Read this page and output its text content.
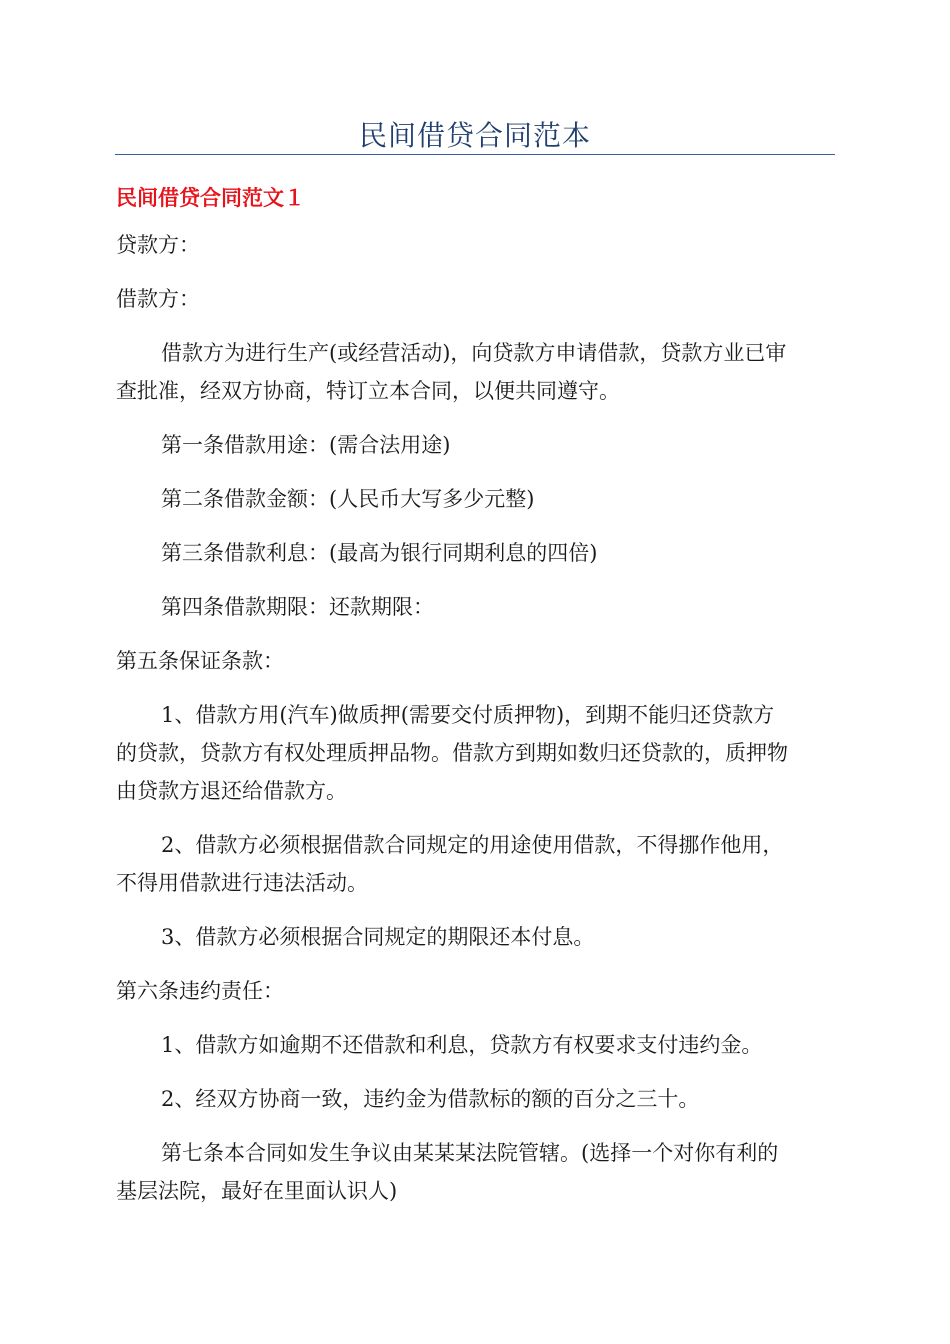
民间借贷合同范本
民间借贷合同范文１

贷款方：

借款方：

借款方为进行生产(或经营活动)，向贷款方申请借款，贷款方业已审

查批准，经双方协商，特订立本合同，以便共同遵守。

第一条借款用途：(需合法用途)

第二条借款金额：(人民币大写多少元整)

第三条借款利息：(最高为银行同期利息的四倍)

第四条借款期限：还款期限：

第五条保证条款：

1、借款方用(汽车)做质押(需要交付质押物)，到期不能归还贷款方

的贷款，贷款方有权处理质押品物。借款方到期如数归还贷款的，质押物

由贷款方退还给借款方。

2、借款方必须根据借款合同规定的用途使用借款，不得挪作他用，

不得用借款进行违法活动。

3、借款方必须根据合同规定的期限还本付息。

第六条违约责任：

1、借款方如逾期不还借款和利息，贷款方有权要求支付违约金。

2、经双方协商一致，违约金为借款标的额的百分之三十。

第七条本合同如发生争议由某某某法院管辖。(选择一个对你有利的

基层法院，最好在里面认识人)
